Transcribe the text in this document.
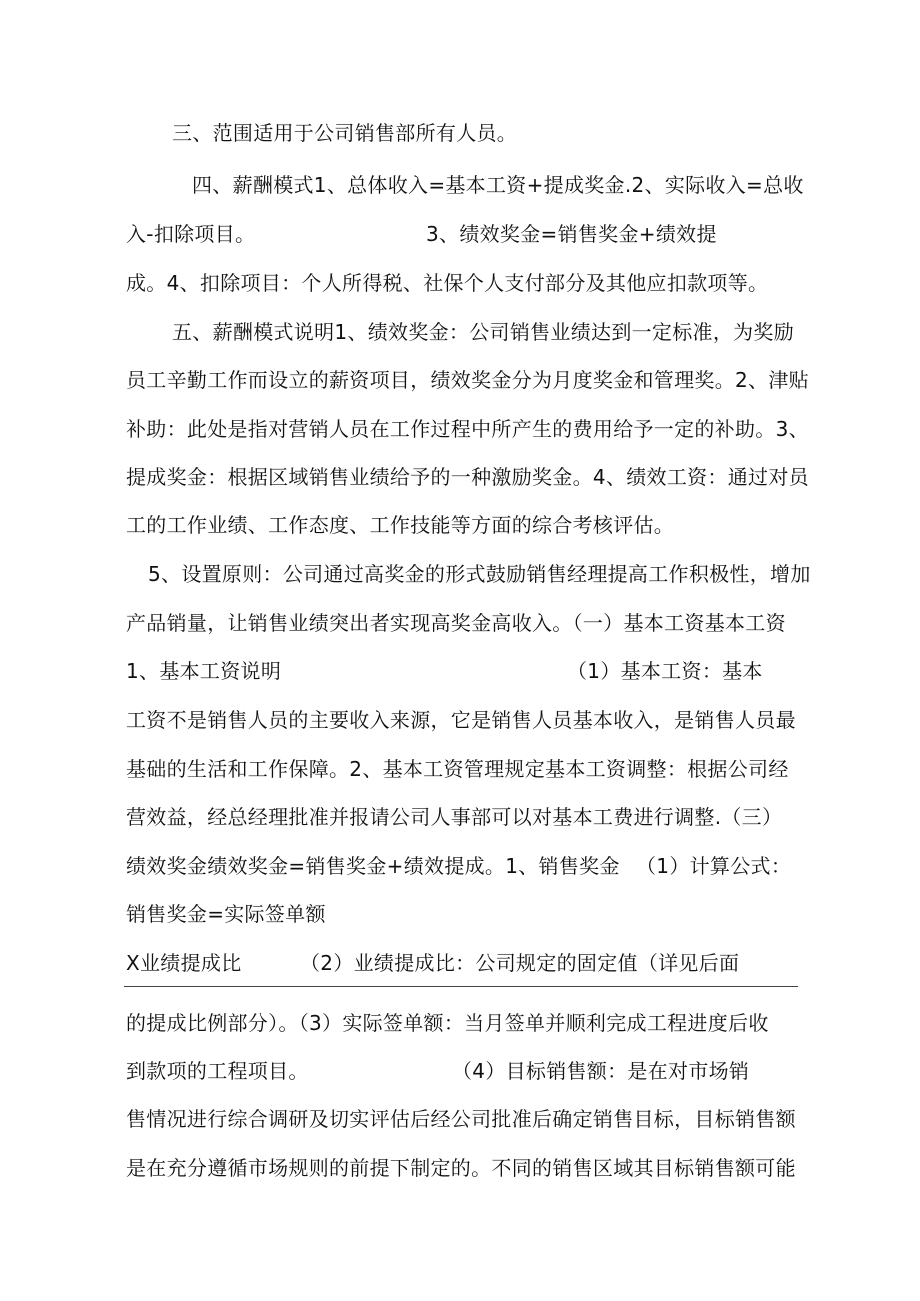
三、范围适用于公司销售部所有人员。
四、薪酬模式1、总体收入=基本工资+提成奖金.2、实际收入=总收
入-扣除项目。	3、绩效奖金=销售奖金+绩效提
成。4、扣除项目：个人所得税、社保个人支付部分及其他应扣款项等。
五、薪酬模式说明1、绩效奖金：公司销售业绩达到一定标准，为奖励
员工辛勤工作而设立的薪资项目，绩效奖金分为月度奖金和管理奖。2、津贴
补助：此处是指对营销人员在工作过程中所产生的费用给予一定的补助。3、
提成奖金：根据区域销售业绩给予的一种激励奖金。4、绩效工资：通过对员
工的工作业绩、工作态度、工作技能等方面的综合考核评估。
5、设置原则：公司通过高奖金的形式鼓励销售经理提高工作积极性，增加
产品销量，让销售业绩突出者实现高奖金高收入。（一）基本工资基本工资
1、基本工资说明	（1）基本工资：基本
工资不是销售人员的主要收入来源，它是销售人员基本收入，是销售人员最
基础的生活和工作保障。2、基本工资管理规定基本工资调整：根据公司经
营效益，经总经理批准并报请公司人事部可以对基本工费进行调整.（三）
绩效奖金绩效奖金=销售奖金+绩效提成。1、销售奖金 （1）计算公式：
销售奖金=实际签单额
X业绩提成比	（2）业绩提成比：公司规定的固定值（详见后面
的提成比例部分）。（3）实际签单额：当月签单并顺利完成工程进度后收
到款项的工程项目。	（4）目标销售额：是在对市场销
售情况进行综合调研及切实评估后经公司批准后确定销售目标，目标销售额
是在充分遵循市场规则的前提下制定的。不同的销售区域其目标销售额可能
